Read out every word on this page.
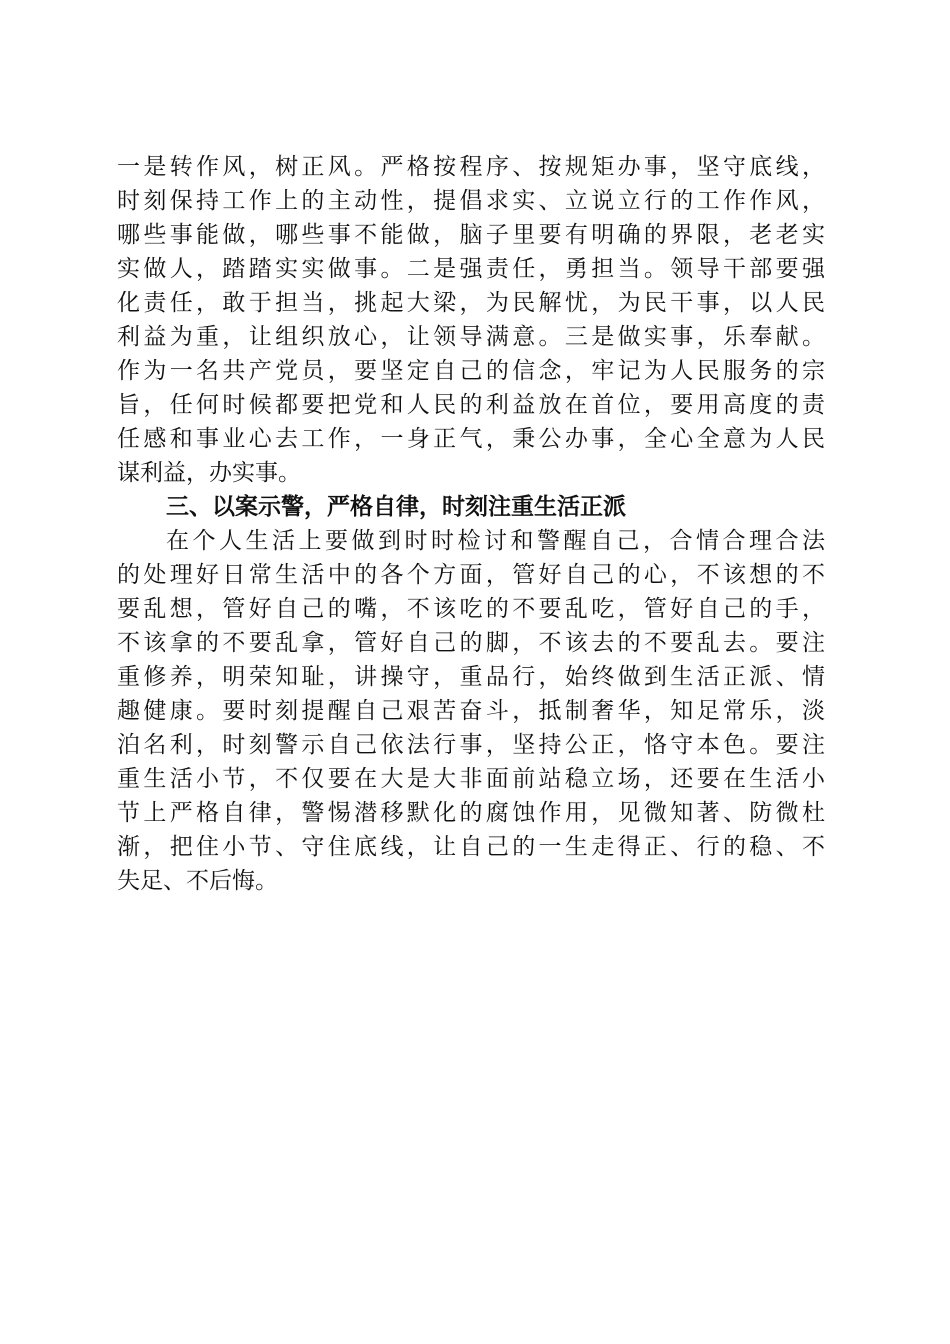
一是转作风，树正风。严格按程序、按规矩办事，坚守底线，
时刻保持工作上的主动性，提倡求实、立说立行的工作作风，
哪些事能做，哪些事不能做，脑子里要有明确的界限，老老实
实做人，踏踏实实做事。二是强责任，勇担当。领导干部要强
化责任，敢于担当，挑起大梁，为民解忧，为民干事，以人民
利益为重，让组织放心，让领导满意。三是做实事，乐奉献。
作为一名共产党员，要坚定自己的信念，牢记为人民服务的宗
旨，任何时候都要把党和人民的利益放在首位，要用高度的责
任感和事业心去工作，一身正气，秉公办事，全心全意为人民
谋利益，办实事。
三、以案示警，严格自律，时刻注重生活正派
在个人生活上要做到时时检讨和警醒自己，合情合理合法
的处理好日常生活中的各个方面，管好自己的心，不该想的不
要乱想，管好自己的嘴，不该吃的不要乱吃，管好自己的手，
不该拿的不要乱拿，管好自己的脚，不该去的不要乱去。要注
重修养，明荣知耻，讲操守，重品行，始终做到生活正派、情
趣健康。要时刻提醒自己艰苦奋斗，抵制奢华，知足常乐，淡
泊名利，时刻警示自己依法行事，坚持公正，恪守本色。要注
重生活小节，不仅要在大是大非面前站稳立场，还要在生活小
节上严格自律，警惕潜移默化的腐蚀作用，见微知著、防微杜
渐，把住小节、守住底线，让自己的一生走得正、行的稳、不
失足、不后悔。
